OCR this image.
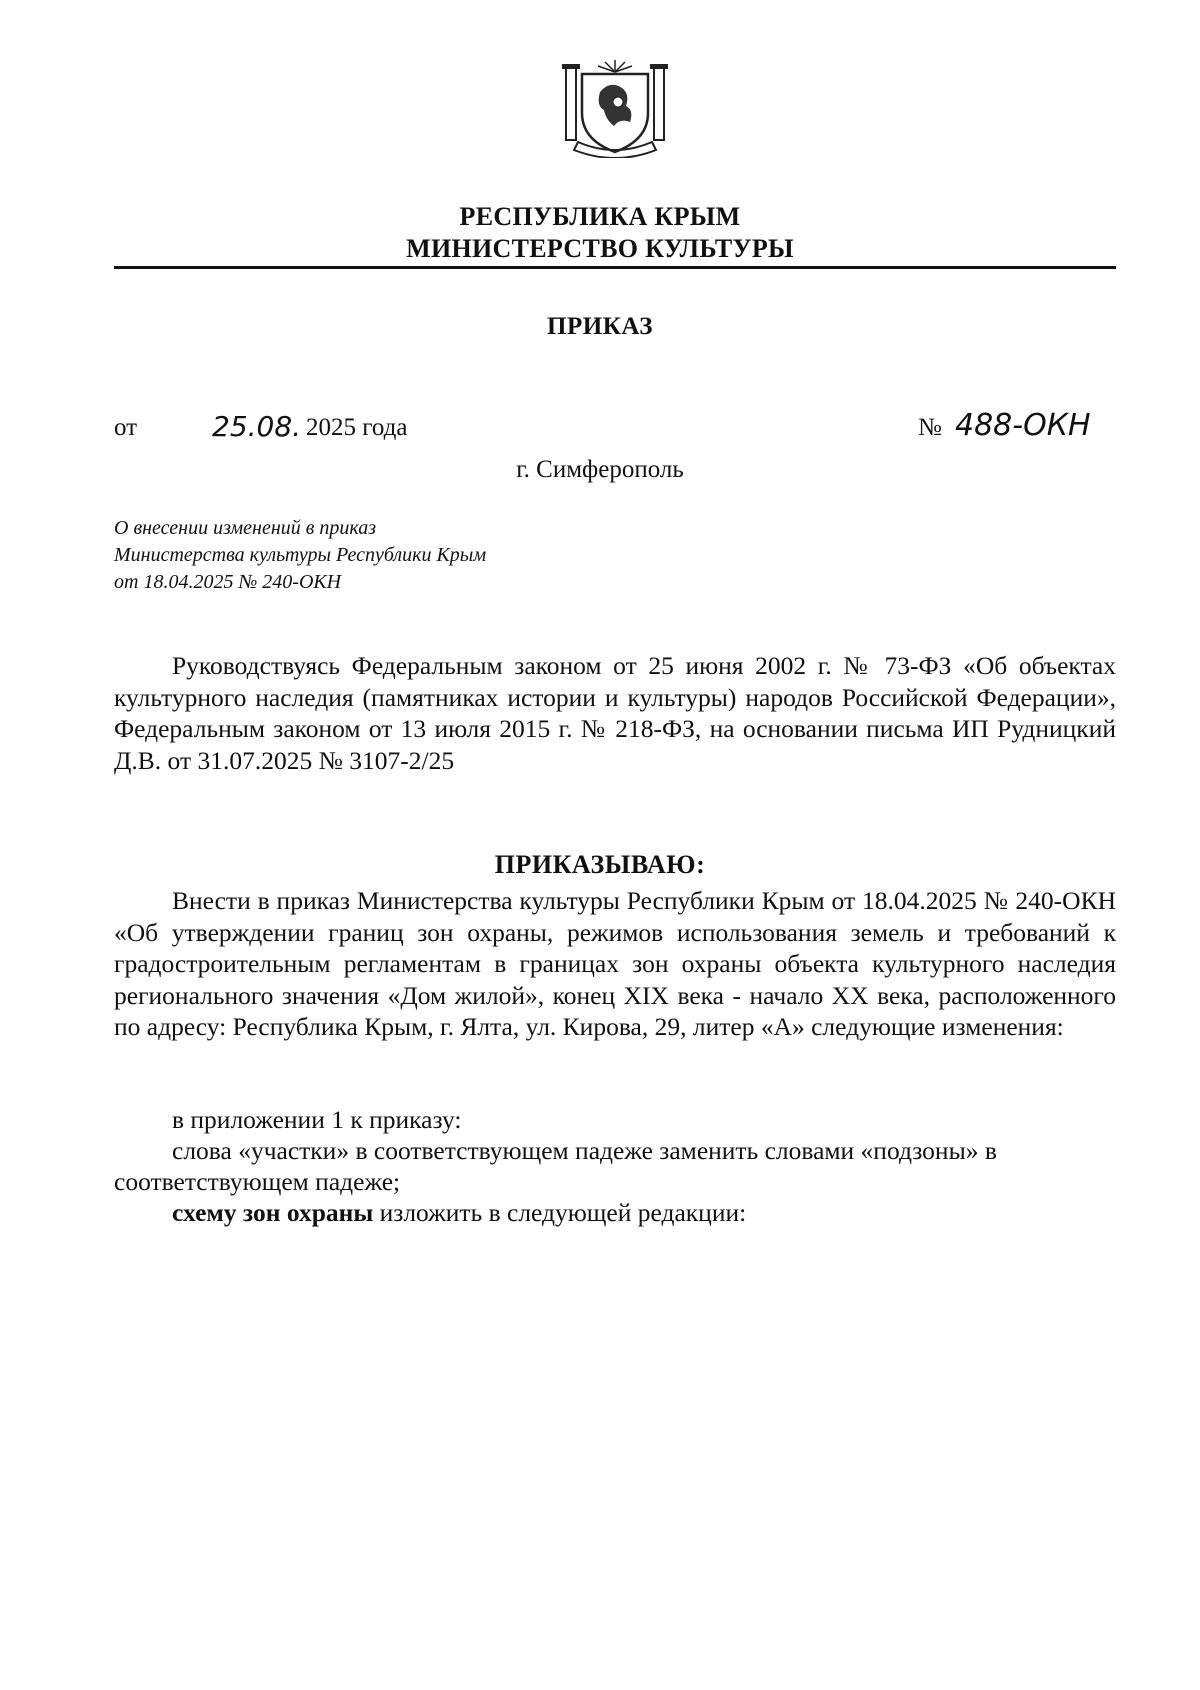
РЕСПУБЛИКА КРЫМ
МИНИСТЕРСТВО КУЛЬТУРЫ
ПРИКАЗ
от	25.08. 2025 года	№ 488-ОКН
г. Симферополь
О внесении изменений в приказ
Министерства культуры Республики Крым
от 18.04.2025 № 240-ОКН
Руководствуясь Федеральным законом от 25 июня 2002 г. № 73-ФЗ «Об объектах культурного наследия (памятниках истории и культуры) народов Российской Федерации», Федеральным законом от 13 июля 2015 г. № 218-ФЗ, на основании письма ИП Рудницкий Д.В. от 31.07.2025 № 3107-2/25
ПРИКАЗЫВАЮ:
Внести в приказ Министерства культуры Республики Крым от 18.04.2025 № 240-ОКН «Об утверждении границ зон охраны, режимов использования земель и требований к градостроительным регламентам в границах зон охраны объекта культурного наследия регионального значения «Дом жилой», конец XIX века - начало XX века, расположенного по адресу: Республика Крым, г. Ялта, ул. Кирова, 29, литер «А» следующие изменения:
в приложении 1 к приказу:
слова «участки» в соответствующем падеже заменить словами «подзоны» в
соответствующем падеже;
схему зон охраны изложить в следующей редакции:
